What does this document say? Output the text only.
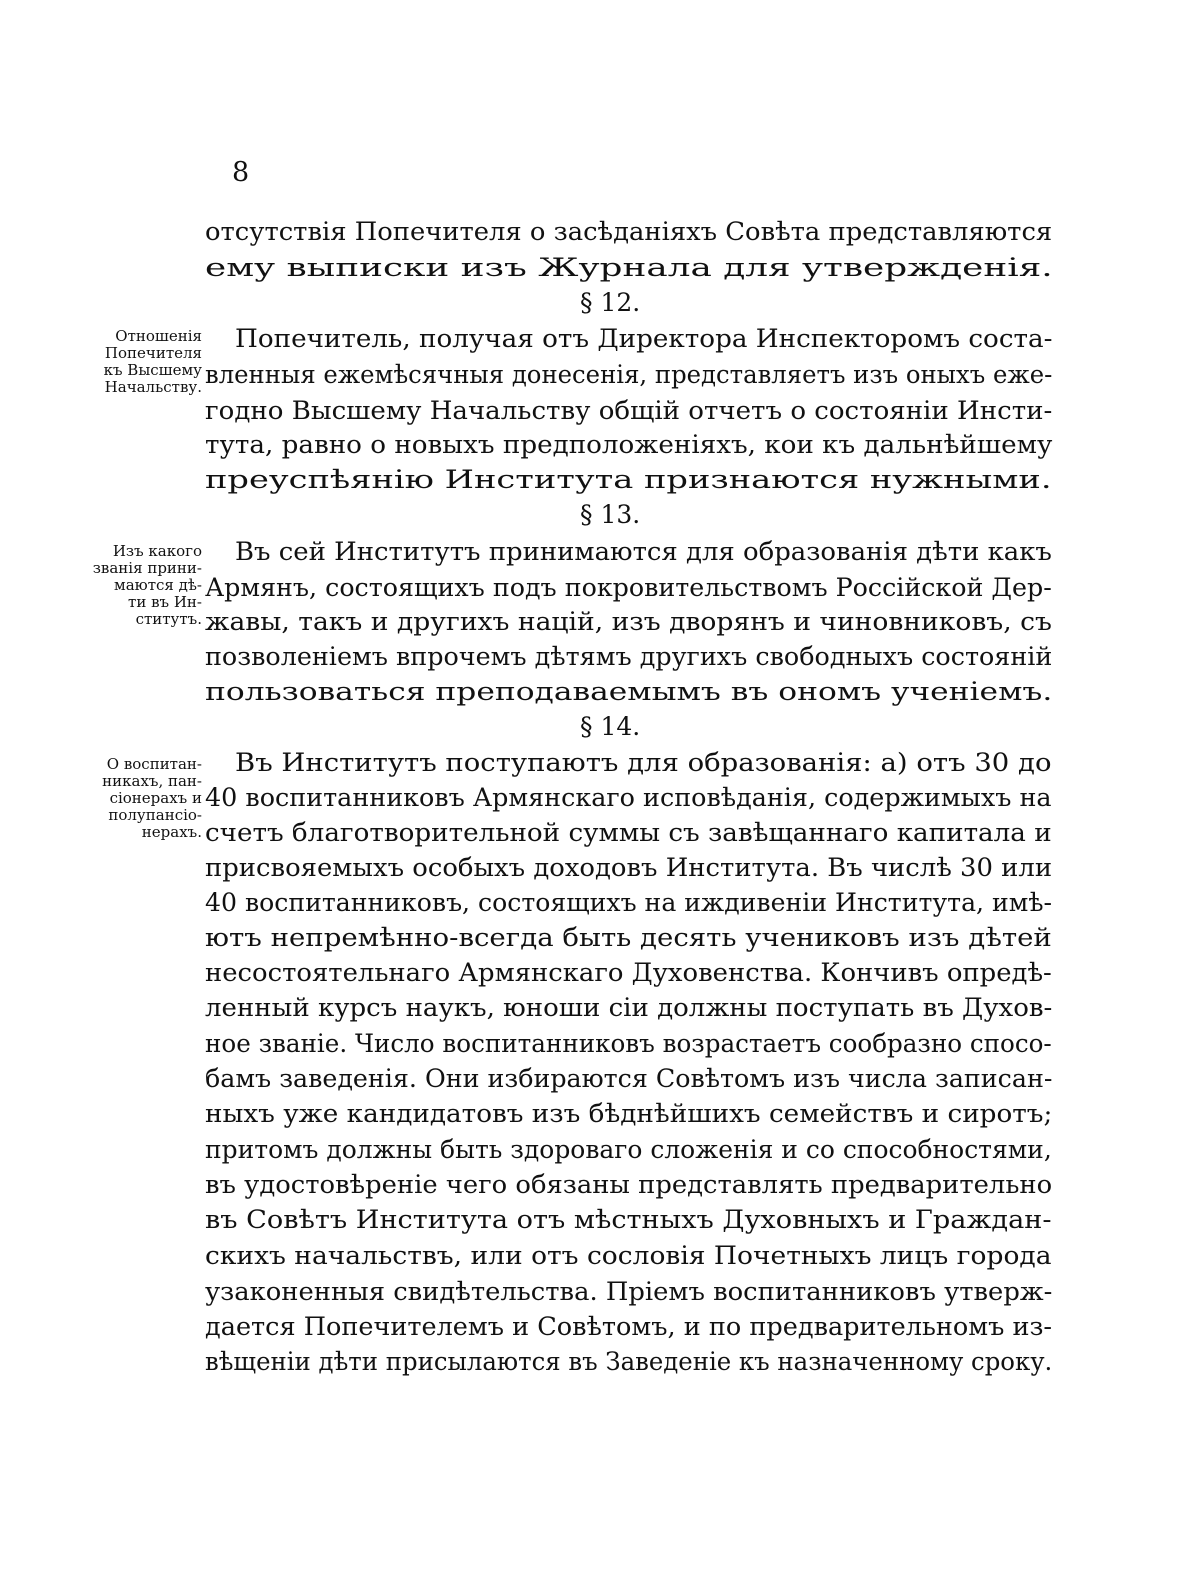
8
отсутствія Попечителя о засѣданіяхъ Совѣта представляются
ему выписки изъ Журнала для утвержденія.
§ 12.
Отношенія
Попечителя
къ Высшему
Начальству.
Попечитель, получая отъ Директора Инспекторомъ соста-
вленныя ежемѣсячныя донесенія, представляетъ изъ оныхъ еже-
годно Высшему Начальству общій отчетъ о состояніи Инсти-
тута, равно о новыхъ предположеніяхъ, кои къ дальнѣйшему
преуспѣянію Института признаются нужными.
§ 13.
Изъ какого
званія прини-
маются дѣ-
ти въ Ин-
ститутъ.
Въ сей Институтъ принимаются для образованія дѣти какъ
Армянъ, состоящихъ подъ покровительствомъ Россійской Дер-
жавы, такъ и другихъ націй, изъ дворянъ и чиновниковъ, съ
позволеніемъ впрочемъ дѣтямъ другихъ свободныхъ состояній
пользоваться преподаваемымъ въ ономъ ученіемъ.
§ 14.
О воспитан-
никахъ, пан-
сіонерахъ и
полупансіо-
нерахъ.
Въ Институтъ поступаютъ для образованія: а) отъ 30 до
40 воспитанниковъ Армянскаго исповѣданія, содержимыхъ на
счетъ благотворительной суммы съ завѣщаннаго капитала и
присвояемыхъ особыхъ доходовъ Института. Въ числѣ 30 или
40 воспитанниковъ, состоящихъ на иждивеніи Института, имѣ-
ютъ непремѣнно-всегда быть десять учениковъ изъ дѣтей
несостоятельнаго Армянскаго Духовенства. Кончивъ опредѣ-
ленный курсъ наукъ, юноши сіи должны поступать въ Духов-
ное званіе. Число воспитанниковъ возрастаетъ сообразно спосо-
бамъ заведенія. Они избираются Совѣтомъ изъ числа записан-
ныхъ уже кандидатовъ изъ бѣднѣйшихъ семействъ и сиротъ;
притомъ должны быть здороваго сложенія и со способностями,
въ удостовѣреніе чего обязаны представлять предварительно
въ Совѣтъ Института отъ мѣстныхъ Духовныхъ и Граждан-
скихъ начальствъ, или отъ сословія Почетныхъ лицъ города
узаконенныя свидѣтельства. Пріемъ воспитанниковъ утверж-
дается Попечителемъ и Совѣтомъ, и по предварительномъ из-
вѣщеніи дѣти присылаются въ Заведеніе къ назначенному сроку.
